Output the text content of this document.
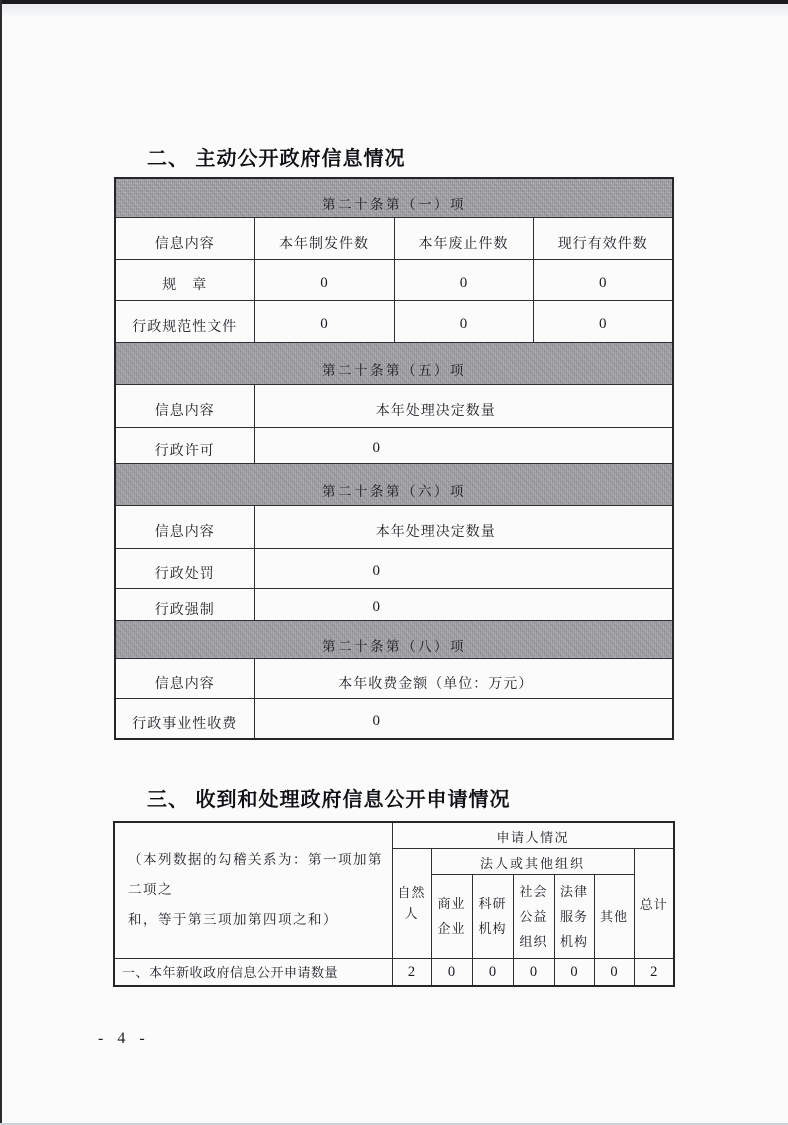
二、 主动公开政府信息情况
第二十条第（一）项			
信息内容	本年制发件数	本年废止件数	现行有效件数
规　章	0	0	0
行政规范性文件	0	0	0
第二十条第（五）项			
信息内容	本年处理决定数量		
行政许可	0		
第二十条第（六）项			
信息内容	本年处理决定数量		
行政处罚	0		
行政强制	0		
第二十条第（八）项			
信息内容	本年收费金额（单位：万元）		
行政事业性收费	0		
三、 收到和处理政府信息公开申请情况
（本列数据的勾稽关系为：第一项加第二项之
和，等于第三项加第四项之和）	申请人情况						
	自然人	法人或其他组织					总计
		商业企业	科研机构	社会公益组织	法律服务机构	其他	
一、本年新收政府信息公开申请数量	2	0	0	0	0	0	2
- 4 -
